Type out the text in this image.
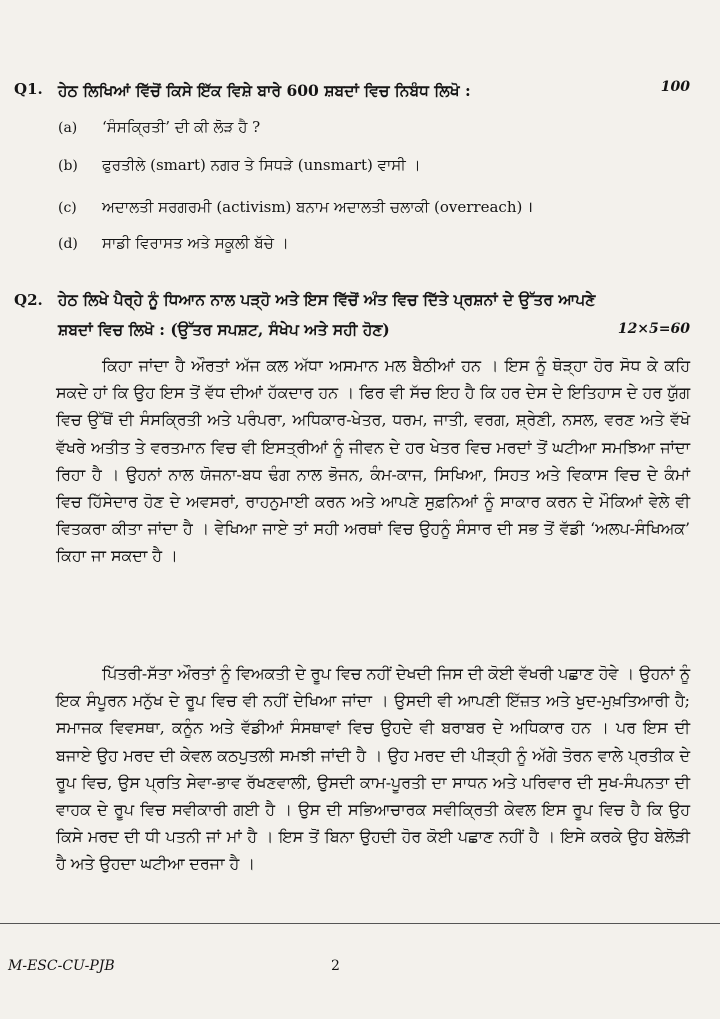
Q1. ਹੇਠ ਲਿਖਿਆਂ ਵਿੱਚੋਂ ਕਿਸੇ ਇੱਕ ਵਿਸ਼ੇ ਬਾਰੇ 600 ਸ਼ਬਦਾਂ ਵਿਚ ਨਿਬੰਧ ਲਿਖੋ :	100
(a) ‘ਸੰਸਕ੍ਰਿਤੀ’ ਦੀ ਕੀ ਲੋੜ ਹੈ ?
(b) ਫੁਰਤੀਲੇ (smart) ਨਗਰ ਤੇ ਸਿਧੜੇ (unsmart) ਵਾਸੀ ।
(c) ਅਦਾਲਤੀ ਸਰਗਰਮੀ (activism) ਬਨਾਮ ਅਦਾਲਤੀ ਚਲਾਕੀ (overreach) ।
(d) ਸਾਡੀ ਵਿਰਾਸਤ ਅਤੇ ਸਕੂਲੀ ਬੱਚੇ ।
Q2. ਹੇਠ ਲਿਖੇ ਪੈਰ੍ਹੇ ਨੂੰ ਧਿਆਨ ਨਾਲ ਪੜ੍ਹੋ ਅਤੇ ਇਸ ਵਿੱਚੋਂ ਅੰਤ ਵਿਚ ਦਿੱਤੇ ਪ੍ਰਸ਼ਨਾਂ ਦੇ ਉੱਤਰ ਆਪਣੇ ਸ਼ਬਦਾਂ ਵਿਚ ਲਿਖੋ : (ਉੱਤਰ ਸਪਸ਼ਟ, ਸੰਖੇਪ ਅਤੇ ਸਹੀ ਹੋਣ)	12×5=60
ਕਿਹਾ ਜਾਂਦਾ ਹੈ ਔਰਤਾਂ ਅੱਜ ਕਲ ਅੱਧਾ ਅਸਮਾਨ ਮਲ ਬੈਠੀਆਂ ਹਨ । ਇਸ ਨੂੰ ਥੋੜ੍ਹਾ ਹੋਰ ਸੋਧ ਕੇ ਕਹਿ ਸਕਦੇ ਹਾਂ ਕਿ ਉਹ ਇਸ ਤੋਂ ਵੱਧ ਦੀਆਂ ਹੱਕਦਾਰ ਹਨ । ਫਿਰ ਵੀ ਸੱਚ ਇਹ ਹੈ ਕਿ ਹਰ ਦੇਸ ਦੇ ਇਤਿਹਾਸ ਦੇ ਹਰ ਯੁੱਗ ਵਿਚ ਉੱਥੋਂ ਦੀ ਸੰਸਕ੍ਰਿਤੀ ਅਤੇ ਪਰੰਪਰਾ, ਅਧਿਕਾਰ-ਖੇਤਰ, ਧਰਮ, ਜਾਤੀ, ਵਰਗ, ਸ਼੍ਰੇਣੀ, ਨਸਲ, ਵਰਣ ਅਤੇ ਵੱਖੋ ਵੱਖਰੇ ਅਤੀਤ ਤੇ ਵਰਤਮਾਨ ਵਿਚ ਵੀ ਇਸਤ੍ਰੀਆਂ ਨੂੰ ਜੀਵਨ ਦੇ ਹਰ ਖੇਤਰ ਵਿਚ ਮਰਦਾਂ ਤੋਂ ਘਟੀਆ ਸਮਝਿਆ ਜਾਂਦਾ ਰਿਹਾ ਹੈ । ਉਹਨਾਂ ਨਾਲ ਯੋਜਨਾ-ਬਧ ਢੰਗ ਨਾਲ ਭੋਜਨ, ਕੰਮ-ਕਾਜ, ਸਿਖਿਆ, ਸਿਹਤ ਅਤੇ ਵਿਕਾਸ ਵਿਚ ਦੇ ਕੰਮਾਂ ਵਿਚ ਹਿੱਸੇਦਾਰ ਹੋਣ ਦੇ ਅਵਸਰਾਂ, ਰਾਹਨੁਮਾਈ ਕਰਨ ਅਤੇ ਆਪਣੇ ਸੁਫ਼ਨਿਆਂ ਨੂੰ ਸਾਕਾਰ ਕਰਨ ਦੇ ਮੌਕਿਆਂ ਵੇਲੇ ਵੀ ਵਿਤਕਰਾ ਕੀਤਾ ਜਾਂਦਾ ਹੈ । ਵੇਖਿਆ ਜਾਏ ਤਾਂ ਸਹੀ ਅਰਥਾਂ ਵਿਚ ਉਹਨੂੰ ਸੰਸਾਰ ਦੀ ਸਭ ਤੋਂ ਵੱਡੀ ‘ਅਲਪ-ਸੰਖਿਅਕ’ ਕਿਹਾ ਜਾ ਸਕਦਾ ਹੈ ।
ਪਿੱਤਰੀ-ਸੱਤਾ ਔਰਤਾਂ ਨੂੰ ਵਿਅਕਤੀ ਦੇ ਰੂਪ ਵਿਚ ਨਹੀਂ ਦੇਖਦੀ ਜਿਸ ਦੀ ਕੋਈ ਵੱਖਰੀ ਪਛਾਣ ਹੋਵੇ । ਉਹਨਾਂ ਨੂੰ ਇਕ ਸੰਪੂਰਨ ਮਨੁੱਖ ਦੇ ਰੂਪ ਵਿਚ ਵੀ ਨਹੀਂ ਦੇਖਿਆ ਜਾਂਦਾ । ਉਸਦੀ ਵੀ ਆਪਣੀ ਇੱਜ਼ਤ ਅਤੇ ਖੁਦ-ਮੁਖ਼ਤਿਆਰੀ ਹੈ; ਸਮਾਜਕ ਵਿਵਸਥਾ, ਕਨੂੰਨ ਅਤੇ ਵੱਡੀਆਂ ਸੰਸਥਾਵਾਂ ਵਿਚ ਉਹਦੇ ਵੀ ਬਰਾਬਰ ਦੇ ਅਧਿਕਾਰ ਹਨ । ਪਰ ਇਸ ਦੀ ਬਜਾਏ ਉਹ ਮਰਦ ਦੀ ਕੇਵਲ ਕਠਪੁਤਲੀ ਸਮਝੀ ਜਾਂਦੀ ਹੈ । ਉਹ ਮਰਦ ਦੀ ਪੀੜ੍ਹੀ ਨੂੰ ਅੱਗੇ ਤੋਰਨ ਵਾਲੇ ਪ੍ਰਤੀਕ ਦੇ ਰੂਪ ਵਿਚ, ਉਸ ਪ੍ਰਤਿ ਸੇਵਾ-ਭਾਵ ਰੱਖਣਵਾਲੀ, ਉਸਦੀ ਕਾਮ-ਪੂਰਤੀ ਦਾ ਸਾਧਨ ਅਤੇ ਪਰਿਵਾਰ ਦੀ ਸੁਖ-ਸੰਪਨਤਾ ਦੀ ਵਾਹਕ ਦੇ ਰੂਪ ਵਿਚ ਸਵੀਕਾਰੀ ਗਈ ਹੈ । ਉਸ ਦੀ ਸਭਿਆਚਾਰਕ ਸਵੀਕ੍ਰਿਤੀ ਕੇਵਲ ਇਸ ਰੂਪ ਵਿਚ ਹੈ ਕਿ ਉਹ ਕਿਸੇ ਮਰਦ ਦੀ ਧੀ ਪਤਨੀ ਜਾਂ ਮਾਂ ਹੈ । ਇਸ ਤੋਂ ਬਿਨਾ ਉਹਦੀ ਹੋਰ ਕੋਈ ਪਛਾਣ ਨਹੀਂ ਹੈ । ਇਸੇ ਕਰਕੇ ਉਹ ਬੇਲੋੜੀ ਹੈ ਅਤੇ ਉਹਦਾ ਘਟੀਆ ਦਰਜਾ ਹੈ ।
M-ESC-CU-PJB	2
